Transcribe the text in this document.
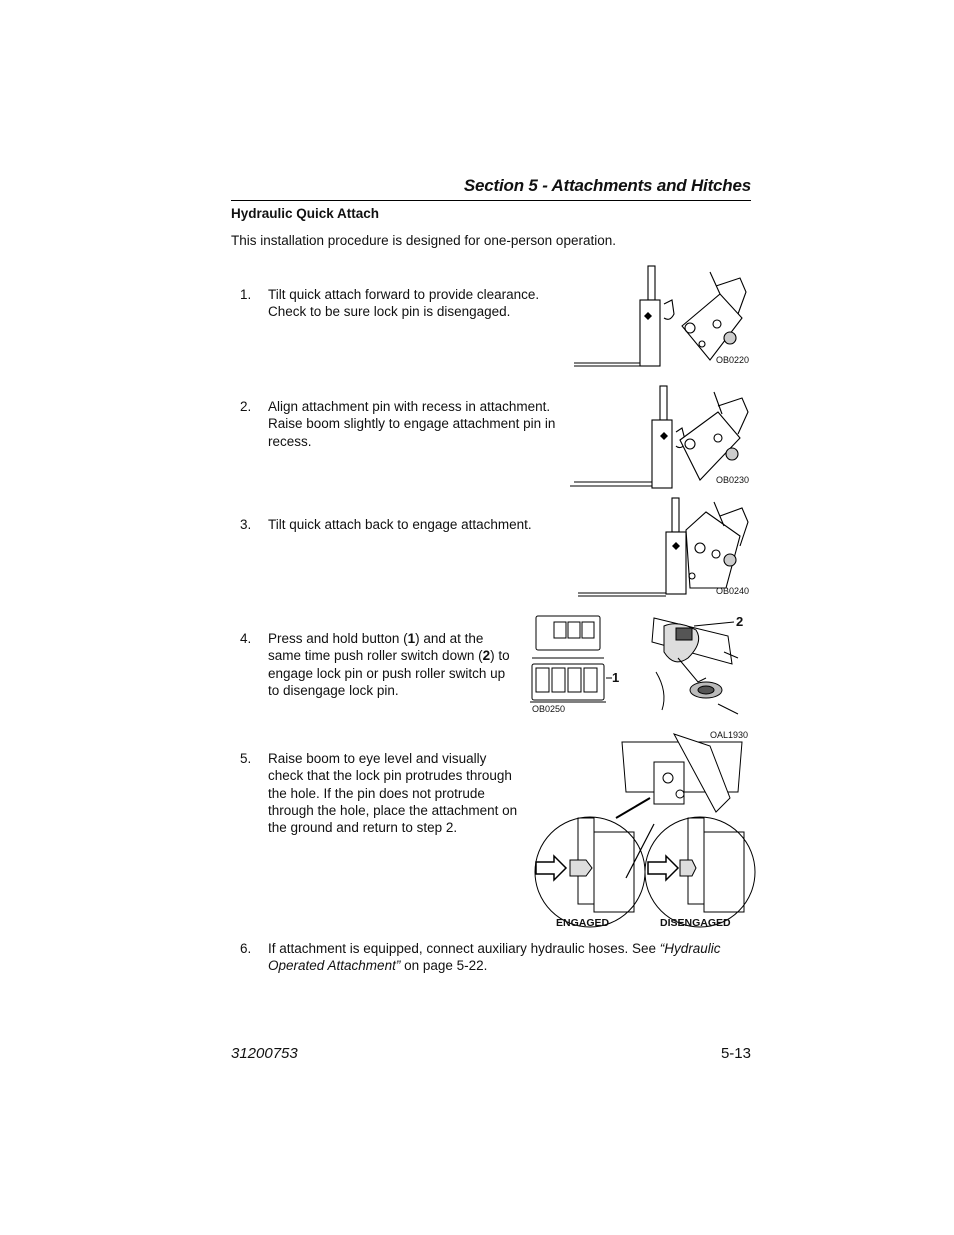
Section 5 - Attachments and Hitches
Hydraulic Quick Attach
This installation procedure is designed for one-person operation.
1. Tilt quick attach forward to provide clearance.
Check to be sure lock pin is disengaged.
2. Align attachment pin with recess in attachment.
Raise boom slightly to engage attachment pin in
recess.
3. Tilt quick attach back to engage attachment.
4. Press and hold button (1) and at the
same time push roller switch down (2) to
engage lock pin or push roller switch up
to disengage lock pin.
5. Raise boom to eye level and visually
check that the lock pin protrudes through
the hole. If the pin does not protrude
through the hole, place the attachment on
the ground and return to step 2.
6. If attachment is equipped, connect auxiliary hydraulic hoses. See “Hydraulic
Operated Attachment” on page 5-22.
OB0220
OB0230
OB0240
2
1
OB0250
OAL1930
ENGAGED	DISENGAGED
31200753	5-13
